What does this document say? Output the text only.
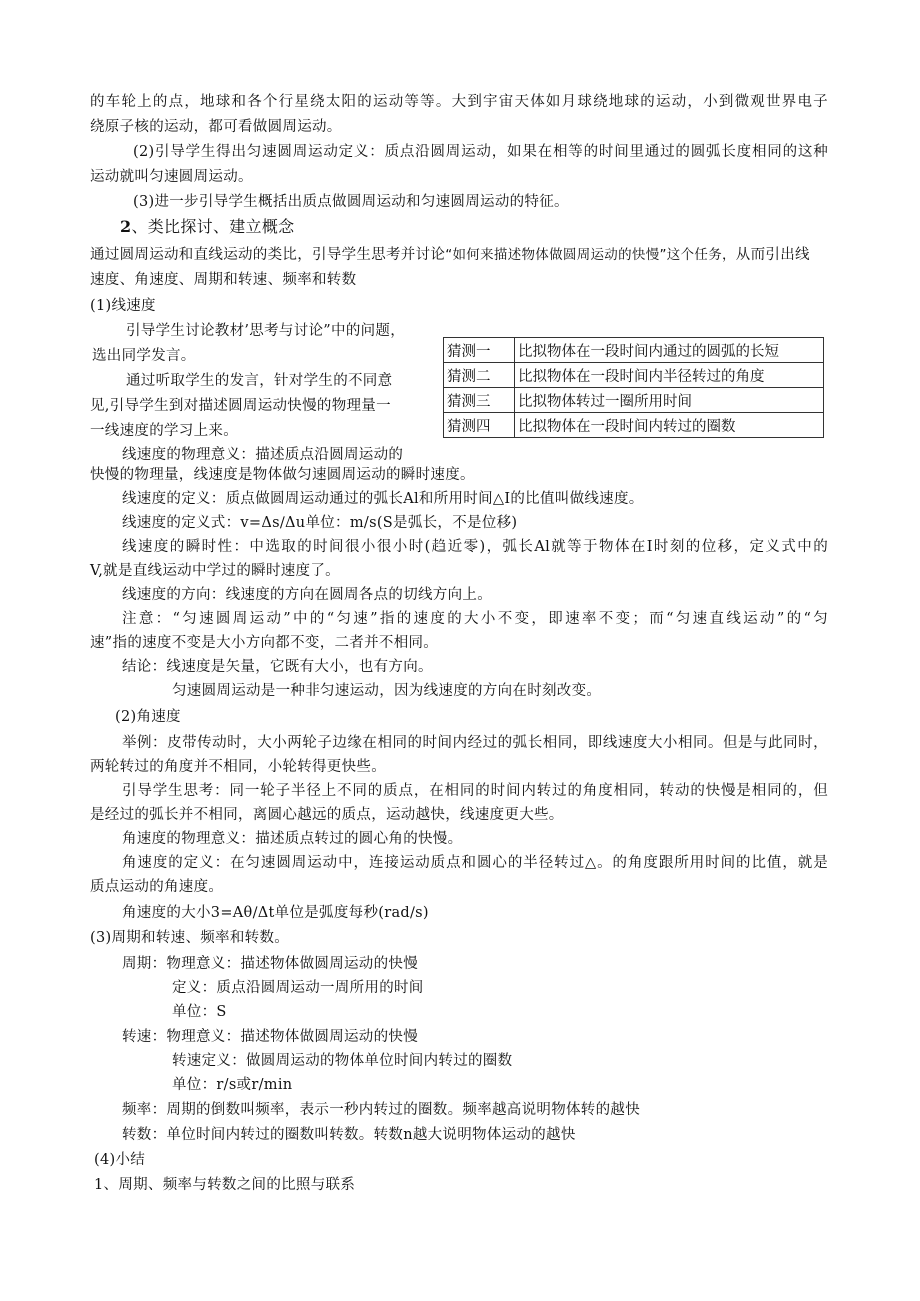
的车轮上的点，地球和各个行星绕太阳的运动等等。大到宇宙天体如月球绕地球的运动，小到微观世界电子
绕原子核的运动，都可看做圆周运动。
(2)引导学生得出匀速圆周运动定义：质点沿圆周运动，如果在相等的时间里通过的圆弧长度相同的这种
运动就叫匀速圆周运动。
(3)进一步引导学生概括出质点做圆周运动和匀速圆周运动的特征。
2、类比探讨、建立概念
通过圆周运动和直线运动的类比，引导学生思考并讨论“如何来描述物体做圆周运动的快慢”这个任务，从而引出线
速度、角速度、周期和转速、频率和转数
(1)线速度
引导学生讨论教材’思考与讨论”中的问题，
选出同学发言。
通过听取学生的发言，针对学生的不同意
见,引导学生到对描述圆周运动快慢的物理量一
一线速度的学习上来。
猜测一	比拟物体在一段时间内通过的圆弧的长短
猜测二	比拟物体在一段时间内半径转过的角度
猜测三	比拟物体转过一圈所用时间
猜测四	比拟物体在一段时间内转过的圈数
线速度的物理意义：描述质点沿圆周运动的
快慢的物理量，线速度是物体做匀速圆周运动的瞬时速度。
线速度的定义：质点做圆周运动通过的弧长Al和所用时间△I的比值叫做线速度。
线速度的定义式：v=Δs∕Δu单位：m/s(S是弧长，不是位移)
线速度的瞬时性：中选取的时间很小很小时(趋近零)，弧长Al就等于物体在I时刻的位移，定义式中的
V,就是直线运动中学过的瞬时速度了。
线速度的方向：线速度的方向在圆周各点的切线方向上。
注意：“匀速圆周运动”中的“匀速”指的速度的大小不变，即速率不变；而“匀速直线运动”的“匀
速”指的速度不变是大小方向都不变，二者并不相同。
结论：线速度是矢量，它既有大小，也有方向。
匀速圆周运动是一种非匀速运动，因为线速度的方向在时刻改变。
(2)角速度
举例：皮带传动时，大小两轮子边缘在相同的时间内经过的弧长相同，即线速度大小相同。但是与此同时，
两轮转过的角度并不相同，小轮转得更快些。
引导学生思考：同一轮子半径上不同的质点，在相同的时间内转过的角度相同，转动的快慢是相同的，但
是经过的弧长并不相同，离圆心越远的质点，运动越快，线速度更大些。
角速度的物理意义：描述质点转过的圆心角的快慢。
角速度的定义：在匀速圆周运动中，连接运动质点和圆心的半径转过△。的角度跟所用时间的比值，就是
质点运动的角速度。
角速度的大小3=Aθ∕Δt单位是弧度每秒(rad∕s)
(3)周期和转速、频率和转数。
周期：物理意义：描述物体做圆周运动的快慢
定义：质点沿圆周运动一周所用的时间
单位：S
转速：物理意义：描述物体做圆周运动的快慢
转速定义：做圆周运动的物体单位时间内转过的圈数
单位：r/s或r/min
频率：周期的倒数叫频率，表示一秒内转过的圈数。频率越高说明物体转的越快
转数：单位时间内转过的圈数叫转数。转数n越大说明物体运动的越快
(4)小结
1、周期、频率与转数之间的比照与联系
